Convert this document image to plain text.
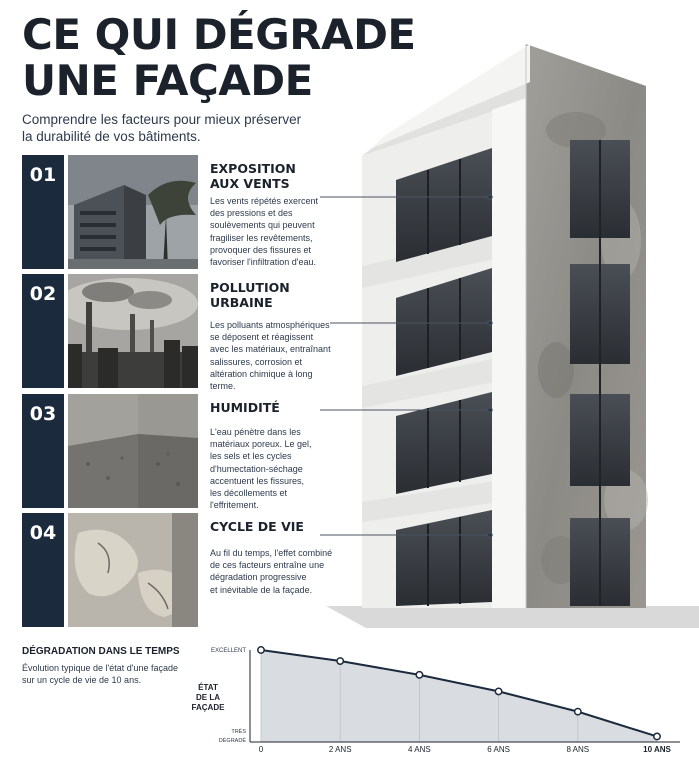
CE QUI DÉGRADE
UNE FAÇADE
Comprendre les facteurs pour mieux préserver
la durabilité de vos bâtiments.
01	EXPOSITION
AUX VENTS
Les vents répétés exercent
des pressions et des
soulèvements qui peuvent
fragiliser les revêtements,
provoquer des fissures et
favoriser l'infiltration d'eau.
02	POLLUTION
URBAINE
Les polluants atmosphériques
se déposent et réagissent
avec les matériaux, entraînant
salissures, corrosion et
altération chimique à long
terme.
03	HUMIDITÉ
L'eau pénètre dans les
matériaux poreux. Le gel,
les sels et les cycles
d'humectation-séchage
accentuent les fissures,
les décollements et
l'effritement.
04	CYCLE DE VIE
Au fil du temps, l'effet combiné
de ces facteurs entraîne une
dégradation progressive
et inévitable de la façade.
DÉGRADATION DANS LE TEMPS
Évolution typique de l'état d'une façade
sur un cycle de vie de 10 ans.
ÉTAT
DE LA
FAÇADE
0	2 ANS	4 ANS	6 ANS	8 ANS	10 ANS
EXCELLENT
TRÈS
DÉGRADÉ
